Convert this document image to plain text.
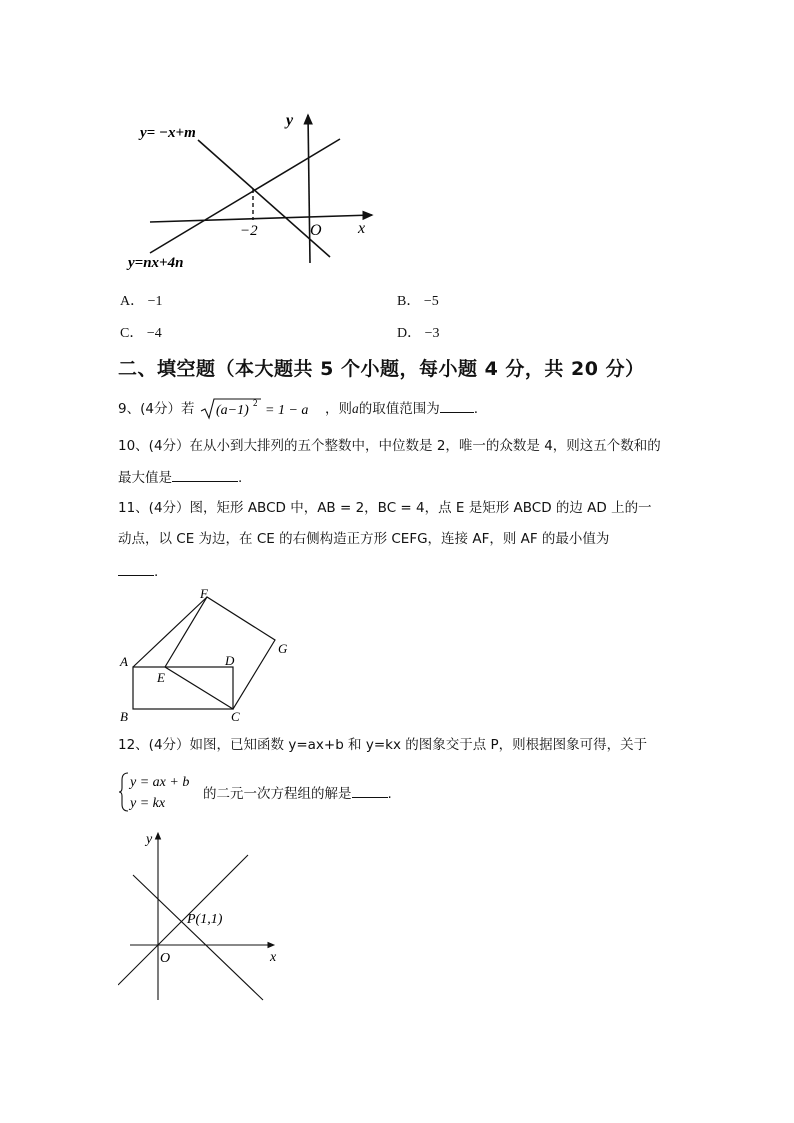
y= −x+m
y=nx+4n
y
x
O
−2
A． −1	B． −5
C． −4	D． −3
二、填空题（本大题共 5 个小题，每小题 4 分，共 20 分）
9、(4分）若 (a−1) 2 = 1 − a ，则a的取值范围为	.
10、(4分）在从小到大排列的五个整数中，中位数是 2，唯一的众数是 4，则这五个数和的
最大值是	.
11、(4分）图，矩形 ABCD 中，AB = 2，BC = 4，点 E 是矩形 ABCD 的边 AD 上的一
动点，以 CE 为边，在 CE 的右侧构造正方形 CEFG，连接 AF，则 AF 的最小值为
.
F
G
A	D
E
B	C
12、(4分）如图，已知函数 y=ax+b 和 y=kx 的图象交于点 P，则根据图象可得，关于
y = ax + b
y = kx
的二元一次方程组的解是	.
y
x
O
P(1,1)
